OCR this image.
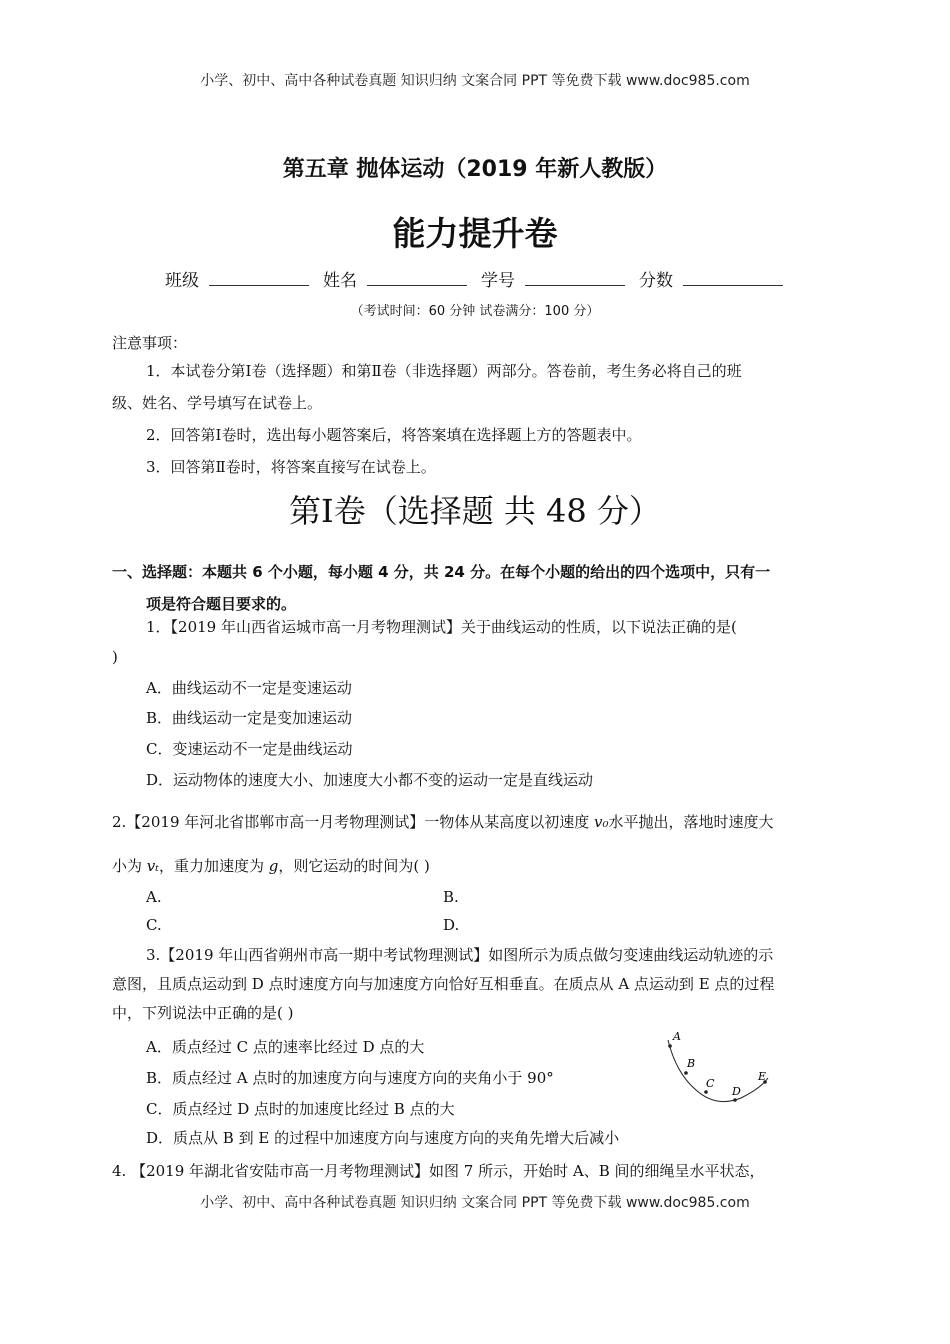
小学、初中、高中各种试卷真题 知识归纳 文案合同 PPT 等免费下载 www.doc985.com
第五章 抛体运动（2019 年新人教版）
能力提升卷
班级	姓名	学号	分数
（考试时间：60 分钟 试卷满分：100 分）
注意事项：
1．本试卷分第Ⅰ卷（选择题）和第Ⅱ卷（非选择题）两部分。答卷前，考生务必将自己的班
级、姓名、学号填写在试卷上。
2．回答第Ⅰ卷时，选出每小题答案后，将答案填在选择题上方的答题表中。
3．回答第Ⅱ卷时，将答案直接写在试卷上。
第Ⅰ卷（选择题 共 48 分）
一、选择题：本题共 6 个小题，每小题 4 分，共 24 分。在每个小题的给出的四个选项中，只有一
项是符合题目要求的。
1．【2019 年山西省运城市高一月考物理测试】关于曲线运动的性质，以下说法正确的是(
)
A．曲线运动不一定是变速运动
B．曲线运动一定是变加速运动
C．变速运动不一定是曲线运动
D．运动物体的速度大小、加速度大小都不变的运动一定是直线运动
2.【2019 年河北省邯郸市高一月考物理测试】一物体从某高度以初速度 v₀水平抛出，落地时速度大
小为 vₜ，重力加速度为 g，则它运动的时间为( )
A.	B.
C.	D.
3.【2019 年山西省朔州市高一期中考试物理测试】如图所示为质点做匀变速曲线运动轨迹的示
意图，且质点运动到 D 点时速度方向与加速度方向恰好互相垂直。在质点从 A 点运动到 E 点的过程
中，下列说法中正确的是( )
A．质点经过 C 点的速率比经过 D 点的大
B．质点经过 A 点时的加速度方向与速度方向的夹角小于 90°
C．质点经过 D 点时的加速度比经过 B 点的大
D．质点从 B 到 E 的过程中加速度方向与速度方向的夹角先增大后减小
A
B
C
D
E
4. 【2019 年湖北省安陆市高一月考物理测试】如图 7 所示，开始时 A、B 间的细绳呈水平状态，
小学、初中、高中各种试卷真题 知识归纳 文案合同 PPT 等免费下载 www.doc985.com
